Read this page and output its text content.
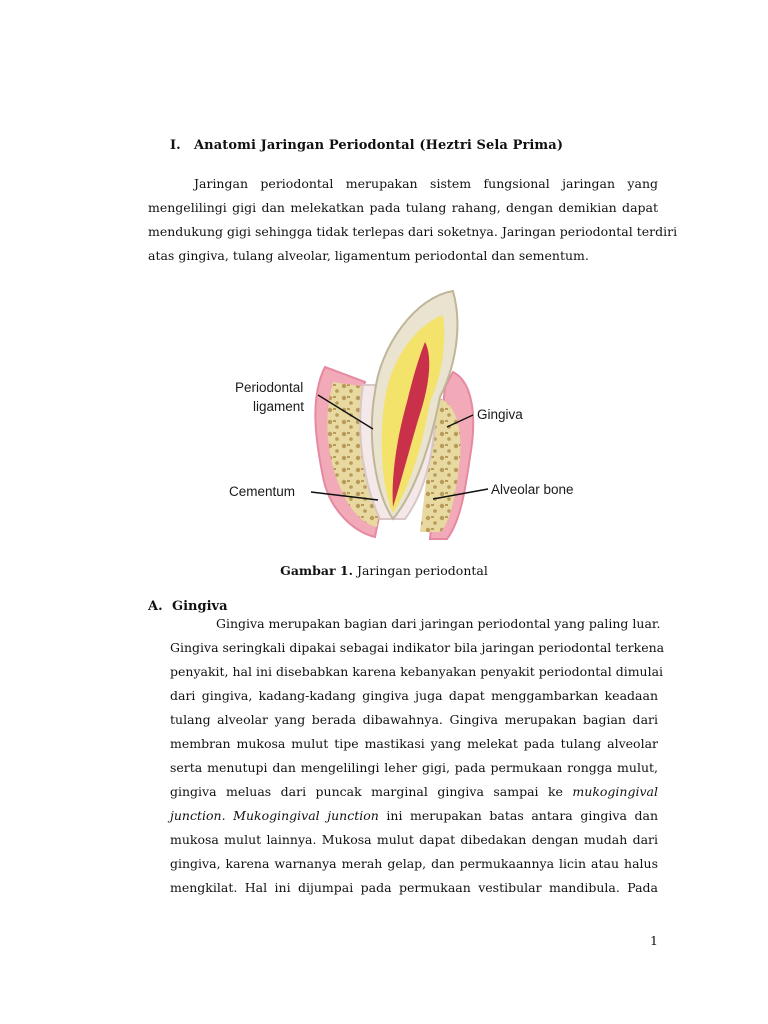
I. Anatomi Jaringan Periodontal (Heztri Sela Prima)
Jaringan periodontal merupakan sistem fungsional jaringan yang
mengelilingi gigi dan melekatkan pada tulang rahang, dengan demikian dapat
mendukung gigi sehingga tidak terlepas dari soketnya. Jaringan periodontal terdiri
atas gingiva, tulang alveolar, ligamentum periodontal dan sementum.
Periodontal
ligament
Gingiva
Cementum	Alveolar bone
Gambar 1. Jaringan periodontal
A. Gingiva
Gingiva merupakan bagian dari jaringan periodontal yang paling luar.
Gingiva seringkali dipakai sebagai indikator bila jaringan periodontal terkena
penyakit, hal ini disebabkan karena kebanyakan penyakit periodontal dimulai
dari gingiva, kadang-kadang gingiva juga dapat menggambarkan keadaan
tulang alveolar yang berada dibawahnya. Gingiva merupakan bagian dari
membran mukosa mulut tipe mastikasi yang melekat pada tulang alveolar
serta menutupi dan mengelilingi leher gigi, pada permukaan rongga mulut,
gingiva meluas dari puncak marginal gingiva sampai ke mukogingival
junction. Mukogingival junction ini merupakan batas antara gingiva dan
mukosa mulut lainnya. Mukosa mulut dapat dibedakan dengan mudah dari
gingiva, karena warnanya merah gelap, dan permukaannya licin atau halus
mengkilat. Hal ini dijumpai pada permukaan vestibular mandibula. Pada
1
